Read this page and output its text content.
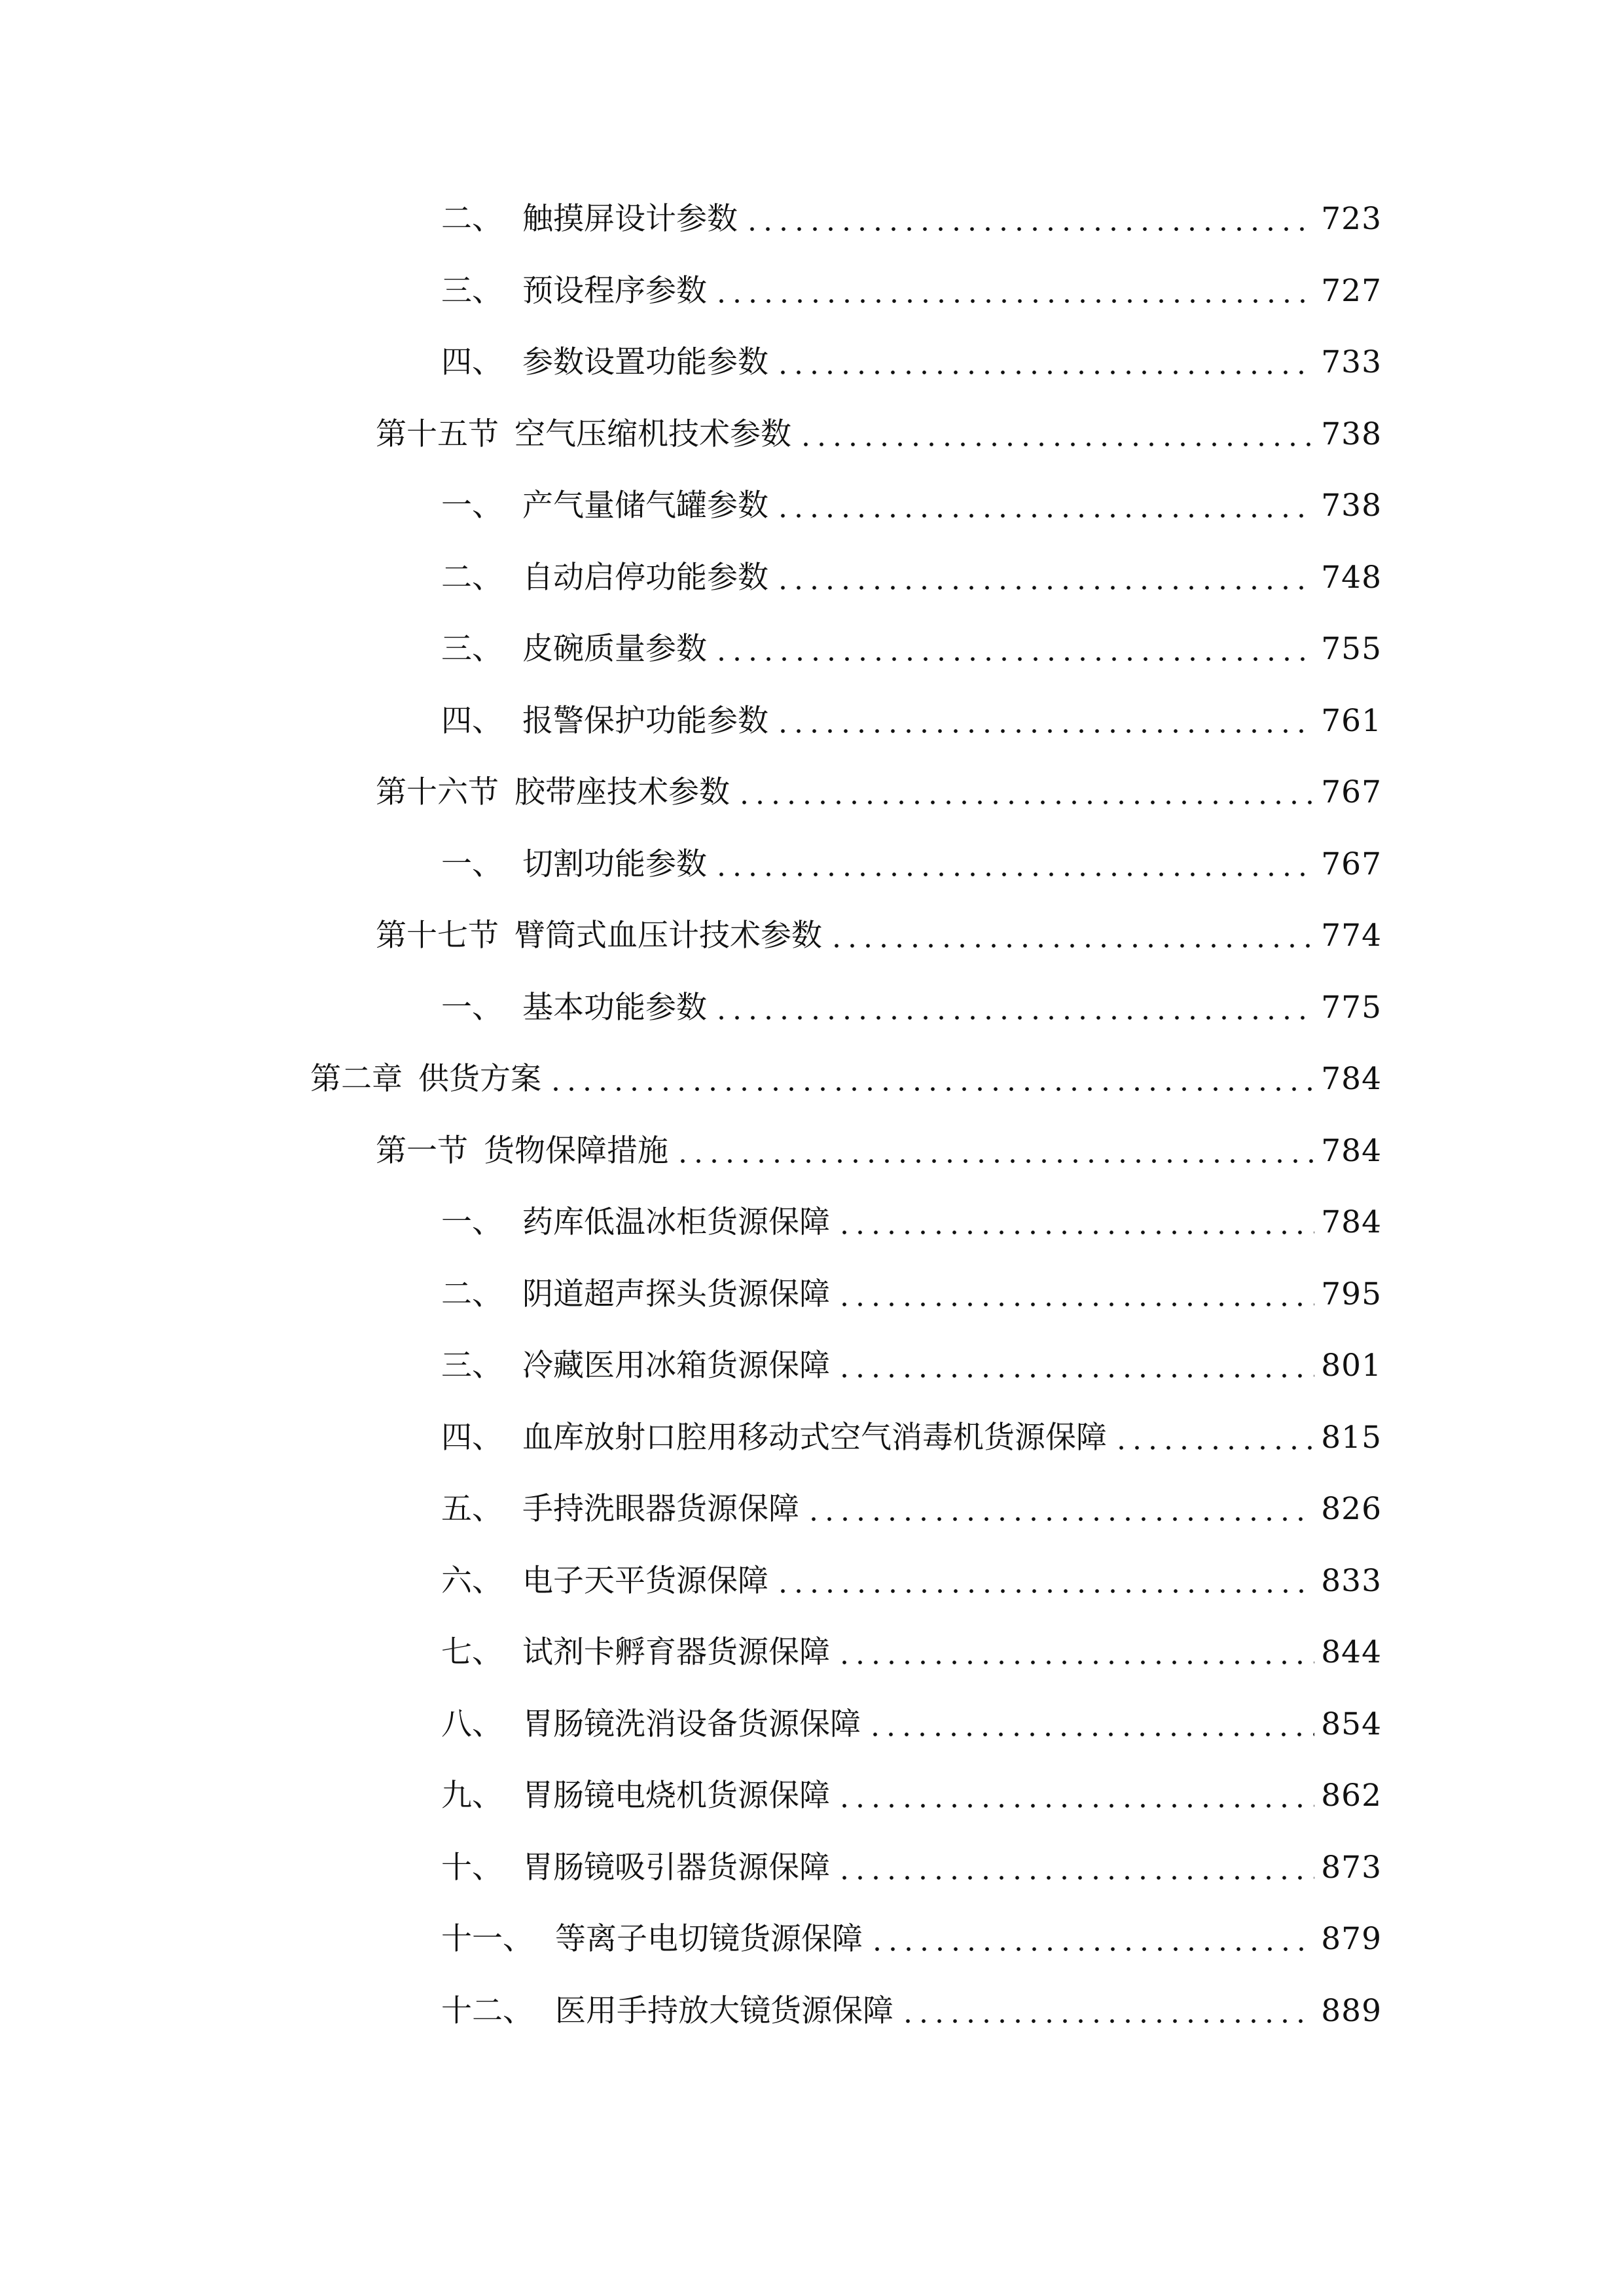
二、 触摸屏设计参数	723
三、 预设程序参数	727
四、 参数设置功能参数	733
第十五节 空气压缩机技术参数	738
一、 产气量储气罐参数	738
二、 自动启停功能参数	748
三、 皮碗质量参数	755
四、 报警保护功能参数	761
第十六节 胶带座技术参数	767
一、 切割功能参数	767
第十七节 臂筒式血压计技术参数	774
一、 基本功能参数	775
第二章 供货方案	784
第一节 货物保障措施	784
一、 药库低温冰柜货源保障	784
二、 阴道超声探头货源保障	795
三、 冷藏医用冰箱货源保障	801
四、 血库放射口腔用移动式空气消毒机货源保障	815
五、 手持洗眼器货源保障	826
六、 电子天平货源保障	833
七、 试剂卡孵育器货源保障	844
八、 胃肠镜洗消设备货源保障	854
九、 胃肠镜电烧机货源保障	862
十、 胃肠镜吸引器货源保障	873
十一、 等离子电切镜货源保障	879
十二、 医用手持放大镜货源保障	889
